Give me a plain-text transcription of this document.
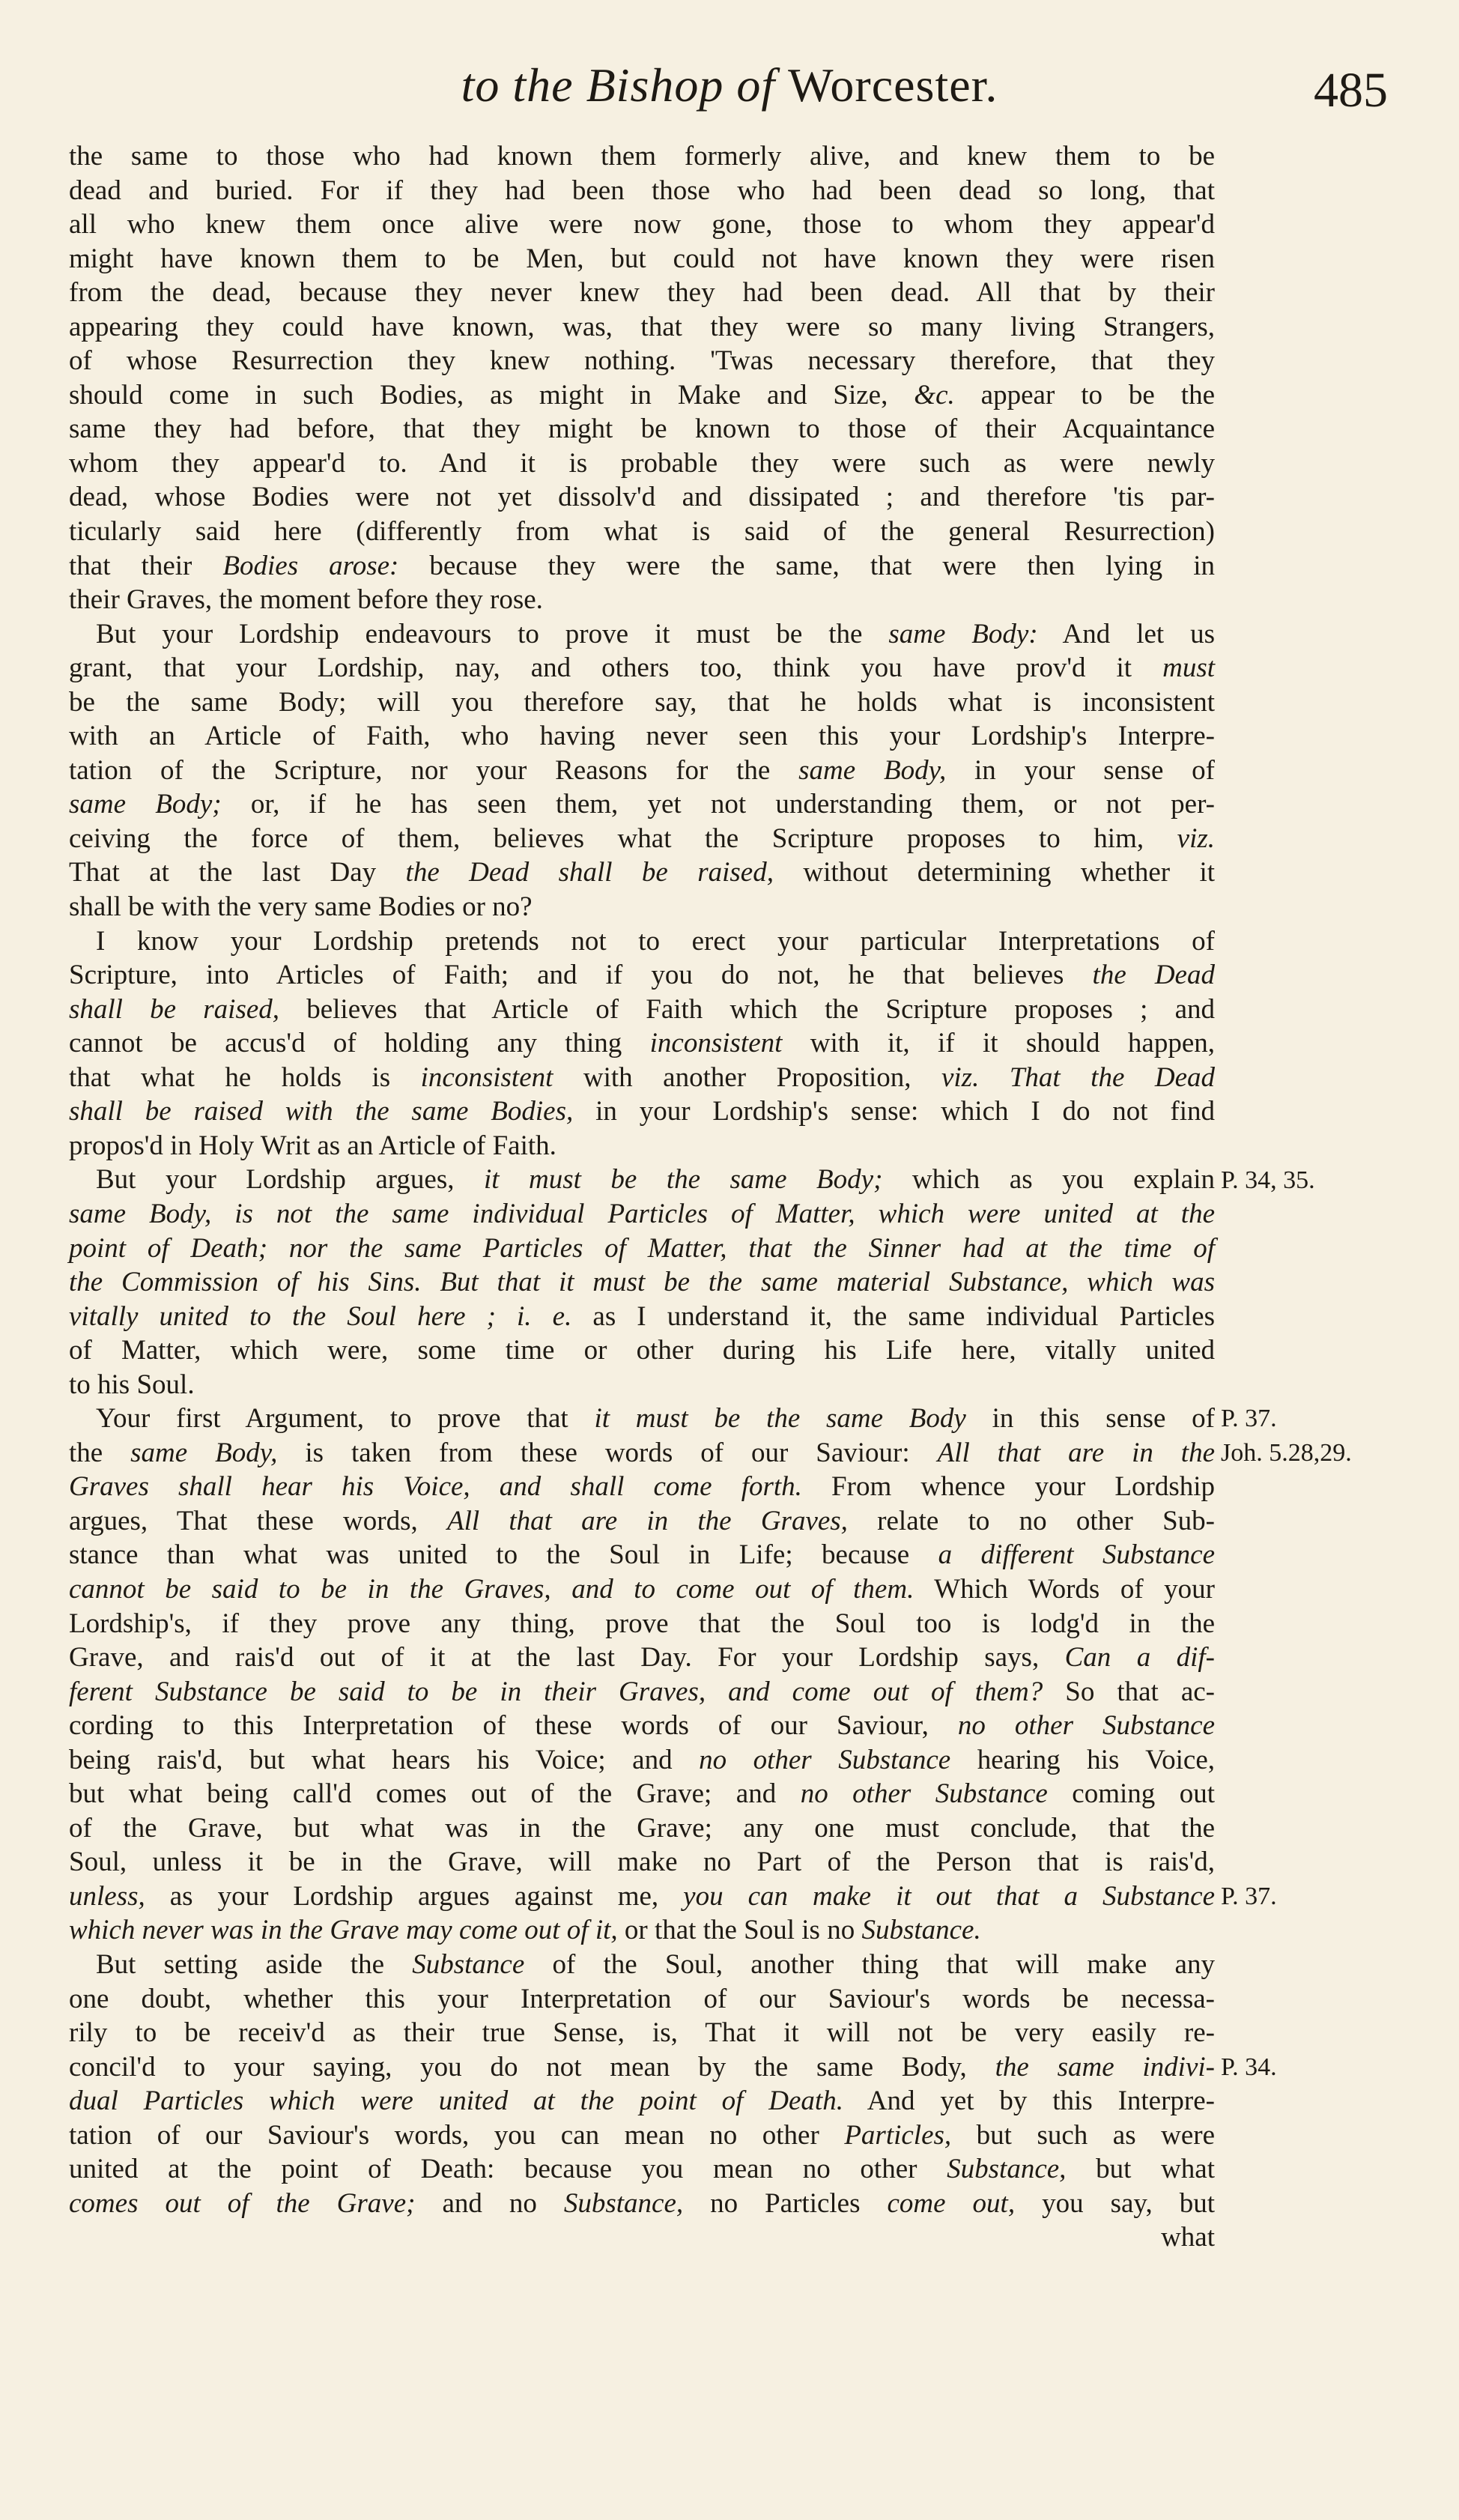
to the Bishop of Worcester.	485
the same to those who had known them formerly alive, and knew them to be
dead and buried. For if they had been those who had been dead so long, that
all who knew them once alive were now gone, those to whom they appear'd
might have known them to be Men, but could not have known they were risen
from the dead, because they never knew they had been dead. All that by their
appearing they could have known, was, that they were so many living Strangers,
of whose Resurrection they knew nothing. 'Twas necessary therefore, that they
should come in such Bodies, as might in Make and Size, &c. appear to be the
same they had before, that they might be known to those of their Acquaintance
whom they appear'd to. And it is probable they were such as were newly
dead, whose Bodies were not yet dissolv'd and dissipated ; and therefore 'tis par-
ticularly said here (differently from what is said of the general Resurrection)
that their Bodies arose: because they were the same, that were then lying in
their Graves, the moment before they rose.
But your Lordship endeavours to prove it must be the same Body: And let us
grant, that your Lordship, nay, and others too, think you have prov'd it must
be the same Body; will you therefore say, that he holds what is inconsistent
with an Article of Faith, who having never seen this your Lordship's Interpre-
tation of the Scripture, nor your Reasons for the same Body, in your sense of
same Body; or, if he has seen them, yet not understanding them, or not per-
ceiving the force of them, believes what the Scripture proposes to him, viz.
That at the last Day the Dead shall be raised, without determining whether it
shall be with the very same Bodies or no?
I know your Lordship pretends not to erect your particular Interpretations of
Scripture, into Articles of Faith; and if you do not, he that believes the Dead
shall be raised, believes that Article of Faith which the Scripture proposes ; and
cannot be accus'd of holding any thing inconsistent with it, if it should happen,
that what he holds is inconsistent with another Proposition, viz. That the Dead
shall be raised with the same Bodies, in your Lordship's sense: which I do not find
propos'd in Holy Writ as an Article of Faith.
But your Lordship argues, it must be the same Body; which as you explain
same Body, is not the same individual Particles of Matter, which were united at the
point of Death; nor the same Particles of Matter, that the Sinner had at the time of
the Commission of his Sins. But that it must be the same material Substance, which was
vitally united to the Soul here ; i. e. as I understand it, the same individual Particles
of Matter, which were, some time or other during his Life here, vitally united
to his Soul.
Your first Argument, to prove that it must be the same Body in this sense of
the same Body, is taken from these words of our Saviour: All that are in the
Graves shall hear his Voice, and shall come forth. From whence your Lordship
argues, That these words, All that are in the Graves, relate to no other Sub-
stance than what was united to the Soul in Life; because a different Substance
cannot be said to be in the Graves, and to come out of them. Which Words of your
Lordship's, if they prove any thing, prove that the Soul too is lodg'd in the
Grave, and rais'd out of it at the last Day. For your Lordship says, Can a dif-
ferent Substance be said to be in their Graves, and come out of them? So that ac-
cording to this Interpretation of these words of our Saviour, no other Substance
being rais'd, but what hears his Voice; and no other Substance hearing his Voice,
but what being call'd comes out of the Grave; and no other Substance coming out
of the Grave, but what was in the Grave; any one must conclude, that the
Soul, unless it be in the Grave, will make no Part of the Person that is rais'd,
unless, as your Lordship argues against me, you can make it out that a Substance
which never was in the Grave may come out of it, or that the Soul is no Substance.
But setting aside the Substance of the Soul, another thing that will make any
one doubt, whether this your Interpretation of our Saviour's words be necessa-
rily to be receiv'd as their true Sense, is, That it will not be very easily re-
concil'd to your saying, you do not mean by the same Body, the same indivi-
dual Particles which were united at the point of Death. And yet by this Interpre-
tation of our Saviour's words, you can mean no other Particles, but such as were
united at the point of Death: because you mean no other Substance, but what
comes out of the Grave; and no Substance, no Particles come out, you say, but
what
P. 34, 35.
P. 37.
Joh. 5.28,29.
P. 37.
P. 34.
